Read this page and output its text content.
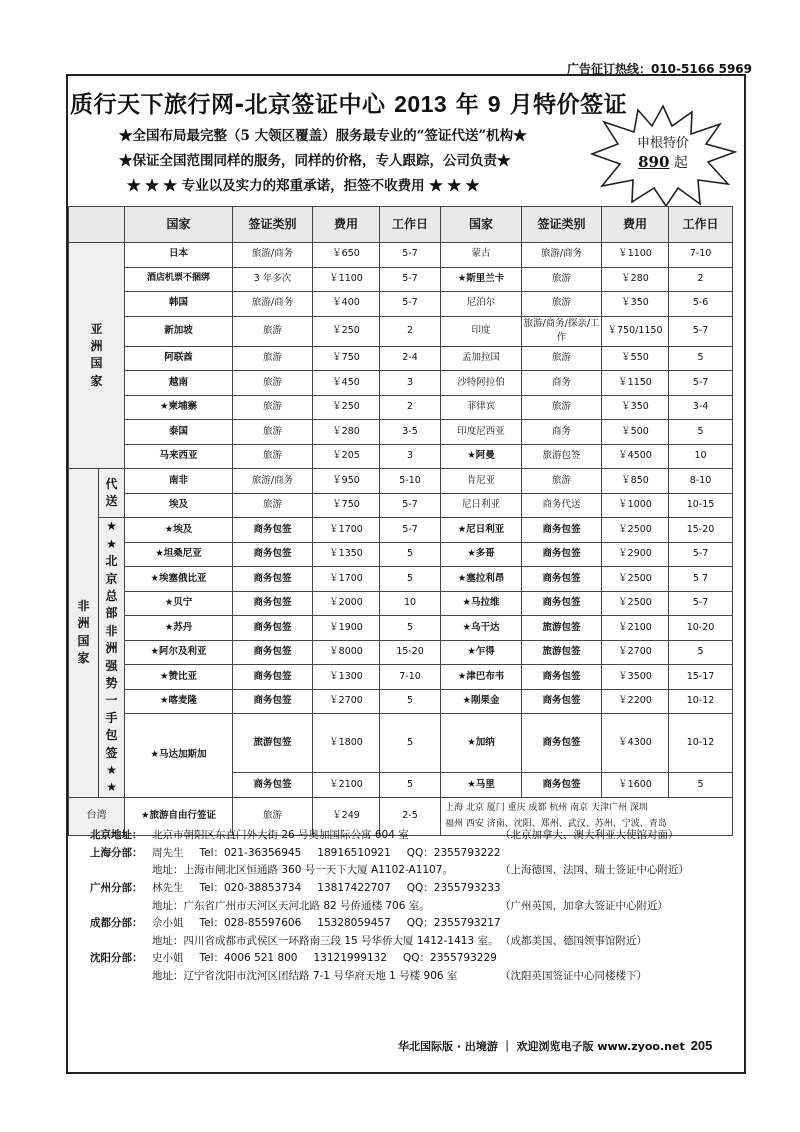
广告征订热线：010-5166 5969
质行天下旅行网-北京签证中心 2013 年 9 月特价签证
★全国布局最完整（5 大领区覆盖）服务最专业的“签证代送”机构★
★保证全国范围同样的服务，同样的价格，专人跟踪，公司负责★
★ ★ ★ 专业以及实力的郑重承诺，拒签不收费用 ★ ★ ★
申根特价
890 起
		国家	签证类别	费用	工作日	国家	签证类别	费用	工作日
亚洲国家		日本	旅游/商务	￥650	5-7	蒙古	旅游/商务	￥1100	7-10
		酒店机票不捆绑	3 年多次	￥1100	5-7	★斯里兰卡	旅游	￥280	2
		韩国	旅游/商务	￥400	5-7	尼泊尔	旅游	￥350	5-6
		新加坡	旅游	￥250	2	印度	旅游/商务/探亲/工作	￥750/1150	5-7
		阿联酋	旅游	￥750	2-4	孟加拉国	旅游	￥550	5
		越南	旅游	￥450	3	沙特阿拉伯	商务	￥1150	5-7
		★柬埔寨	旅游	￥250	2	菲律宾	旅游	￥350	3-4
		泰国	旅游	￥280	3-5	印度尼西亚	商务	￥500	5
		马来西亚	旅游	￥205	3	★阿曼	旅游包签	￥4500	10
非洲国家	代送	南非	旅游/商务	￥950	5-10	肯尼亚	旅游	￥850	8-10
		埃及	旅游	￥750	5-7	尼日利亚	商务代送	￥1000	10-15
	★★北京总部非洲强势一手包签★★	★埃及	商务包签	￥1700	5-7	★尼日利亚	商务包签	￥2500	15-20
		★坦桑尼亚	商务包签	￥1350	5	★多哥	商务包签	￥2900	5-7
		★埃塞俄比亚	商务包签	￥1700	5	★塞拉利昂	商务包签	￥2500	5 7
		★贝宁	商务包签	￥2000	10	★马拉维	商务包签	￥2500	5-7
		★苏丹	商务包签	￥1900	5	★乌干达	旅游包签	￥2100	10-20
		★阿尔及利亚	商务包签	￥8000	15-20	★乍得	旅游包签	￥2700	5
		★赞比亚	商务包签	￥1300	7-10	★津巴布韦	商务包签	￥3500	15-17
		★喀麦隆	商务包签	￥2700	5	★刚果金	商务包签	￥2200	10-12
		★马达加斯加	旅游包签	￥1800	5	★加纳	商务包签	￥4300	10-12
			商务包签	￥2100	5	★马里	商务包签	￥1600	5
台湾		★旅游自由行签证	旅游	￥249	2-5	上海 北京 厦门 重庆 成都 杭州 南京 天津广州 深圳
福州 西安 济南、沈阳、郑州、武汉、苏州、宁波、青岛			
北京地址： 北京市朝阳区东直门外大街 26 号奥加国际公寓 604 室	（北京加拿大、澳大利亚大使馆对面）
上海分部： 周先生 Tel：021-36356945 18916510921 QQ：2355793222
地址：上海市闸北区恒通路 360 号一天下大厦 A1102-A1107。	（上海德国、法国、瑞士签证中心附近）
广州分部： 林先生 Tel：020-38853734 13817422707 QQ：2355793233
地址：广东省广州市天河区天河北路 82 号侨通楼 706 室。	（广州英国，加拿大签证中心附近）
成都分部： 佘小姐 Tel：028-85597606 15328059457 QQ：2355793217
地址：四川省成都市武侯区一环路南三段 15 号华侨大厦 1412-1413 室。 （成都美国、德国领事馆附近）
沈阳分部： 史小姐 Tel：4006 521 800 13121999132 QQ：2355793229
地址：辽宁省沈阳市沈河区团结路 7-1 号华府天地 1 号楼 906 室	（沈阳英国签证中心同楼楼下）
华北国际版 · 出境游 ｜ 欢迎浏览电子版 www.zyoo.net 205
